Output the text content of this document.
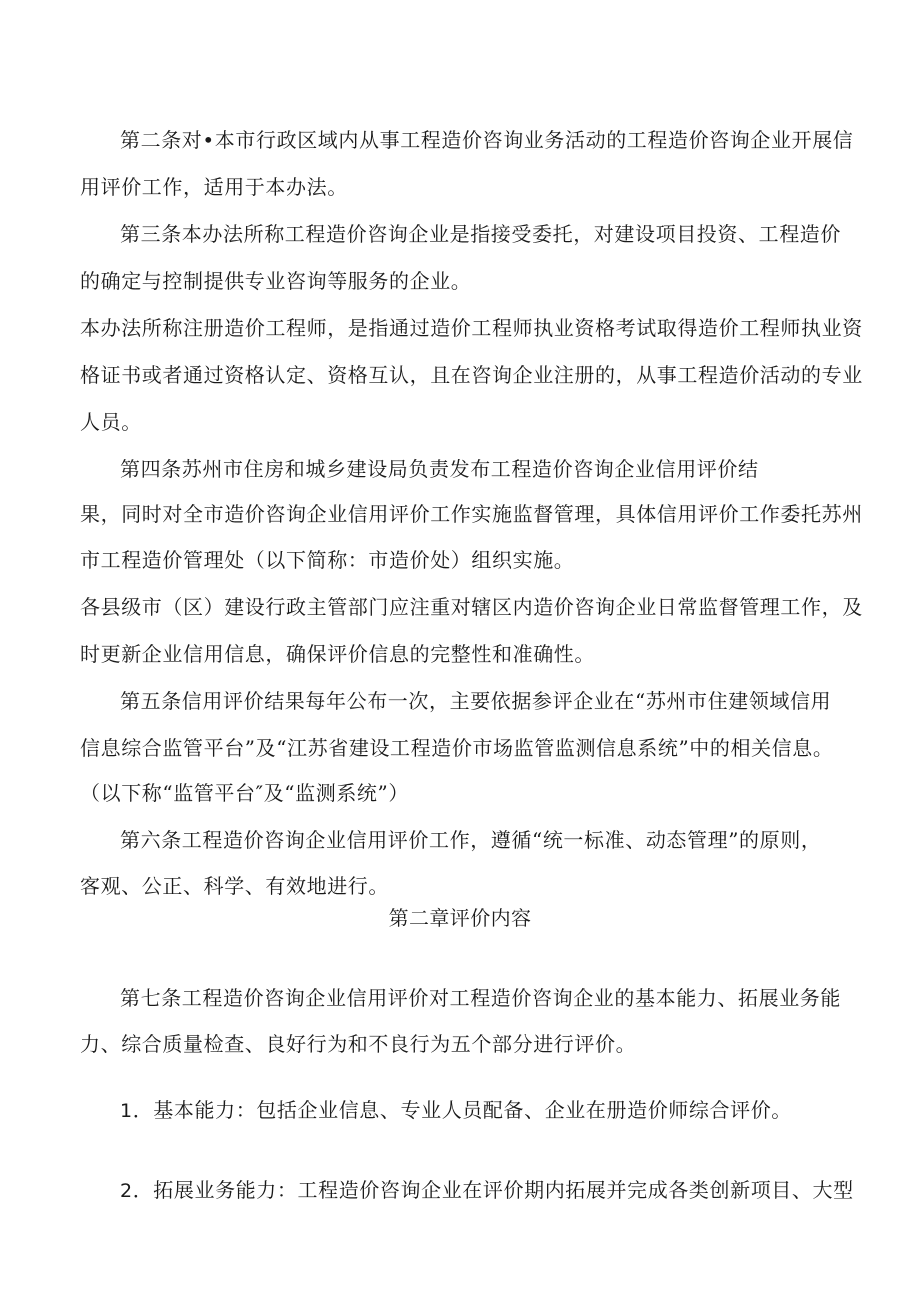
第二条对•本市行政区域内从事工程造价咨询业务活动的工程造价咨询企业开展信
用评价工作，适用于本办法。
第三条本办法所称工程造价咨询企业是指接受委托，对建设项目投资、工程造价
的确定与控制提供专业咨询等服务的企业。
本办法所称注册造价工程师，是指通过造价工程师执业资格考试取得造价工程师执业资
格证书或者通过资格认定、资格互认，且在咨询企业注册的，从事工程造价活动的专业
人员。
第四条苏州市住房和城乡建设局负责发布工程造价咨询企业信用评价结
果，同时对全市造价咨询企业信用评价工作实施监督管理，具体信用评价工作委托苏州
市工程造价管理处（以下简称：市造价处）组织实施。
各县级市（区）建设行政主管部门应注重对辖区内造价咨询企业日常监督管理工作，及
时更新企业信用信息，确保评价信息的完整性和准确性。
第五条信用评价结果每年公布一次，主要依据参评企业在“苏州市住建领域信用
信息综合监管平台”及“江苏省建设工程造价市场监管监测信息系统”中的相关信息。
（以下称“监管平台″及“监测系统”）
第六条工程造价咨询企业信用评价工作，遵循“统一标准、动态管理”的原则，
客观、公正、科学、有效地进行。
第二章评价内容
第七条工程造价咨询企业信用评价对工程造价咨询企业的基本能力、拓展业务能
力、综合质量检查、良好行为和不良行为五个部分进行评价。
1．基本能力：包括企业信息、专业人员配备、企业在册造价师综合评价。
2．拓展业务能力：工程造价咨询企业在评价期内拓展并完成各类创新项目、大型
